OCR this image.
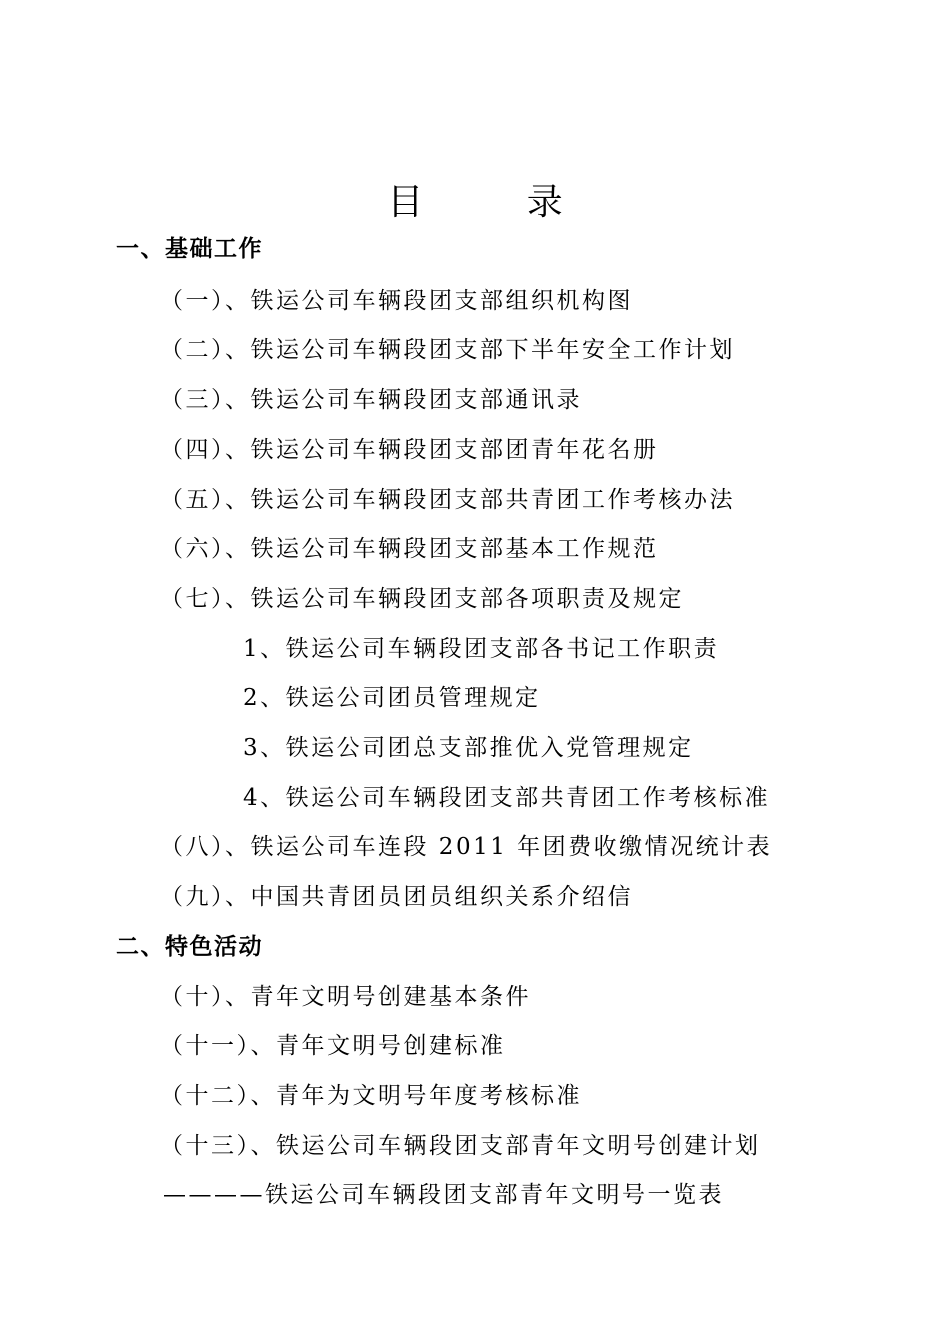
目 录
一、基础工作
（一）、铁运公司车辆段团支部组织机构图
（二）、铁运公司车辆段团支部下半年安全工作计划
（三）、铁运公司车辆段团支部通讯录
（四）、铁运公司车辆段团支部团青年花名册
（五）、铁运公司车辆段团支部共青团工作考核办法
（六）、铁运公司车辆段团支部基本工作规范
（七）、铁运公司车辆段团支部各项职责及规定
1、铁运公司车辆段团支部各书记工作职责
2、铁运公司团员管理规定
3、铁运公司团总支部推优入党管理规定
4、铁运公司车辆段团支部共青团工作考核标准
（八）、铁运公司车连段 2011 年团费收缴情况统计表
（九）、中国共青团员团员组织关系介绍信
二、特色活动
（十）、青年文明号创建基本条件
（十一）、青年文明号创建标准
（十二）、青年为文明号年度考核标准
（十三）、铁运公司车辆段团支部青年文明号创建计划
————铁运公司车辆段团支部青年文明号一览表
